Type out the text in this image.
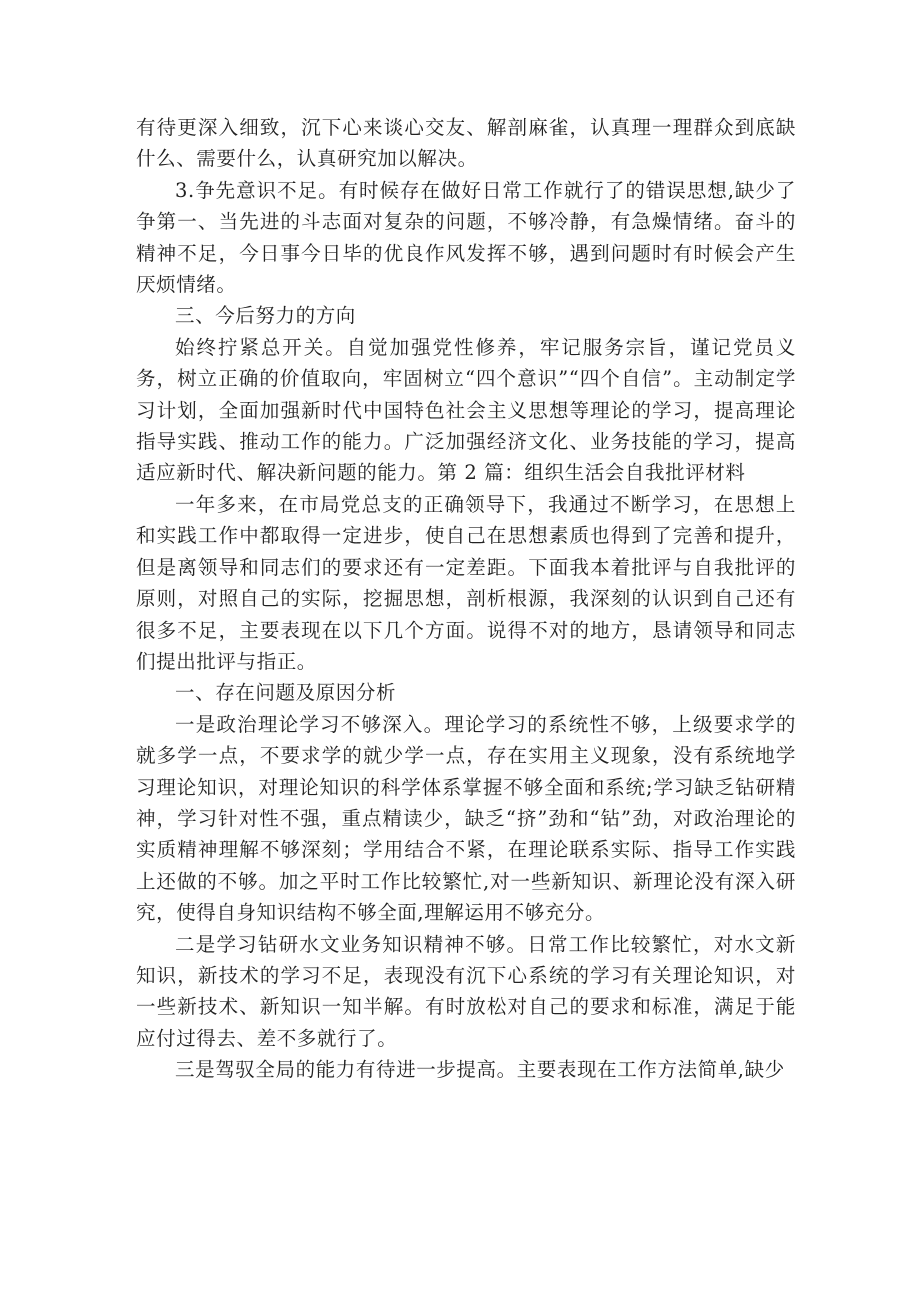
有待更深入细致，沉下心来谈心交友、解剖麻雀，认真理一理群众到底缺什么、需要什么，认真研究加以解决。

3.争先意识不足。有时候存在做好日常工作就行了的错误思想,缺少了争第一、当先进的斗志面对复杂的问题，不够冷静，有急燥情绪。奋斗的精神不足，今日事今日毕的优良作风发挥不够，遇到问题时有时候会产生厌烦情绪。

三、今后努力的方向

始终拧紧总开关。自觉加强党性修养，牢记服务宗旨，谨记党员义务，树立正确的价值取向，牢固树立“四个意识”“四个自信”。主动制定学习计划，全面加强新时代中国特色社会主义思想等理论的学习，提高理论指导实践、推动工作的能力。广泛加强经济文化、业务技能的学习，提高适应新时代、解决新问题的能力。第 2 篇：组织生活会自我批评材料

一年多来，在市局党总支的正确领导下，我通过不断学习，在思想上和实践工作中都取得一定进步，使自己在思想素质也得到了完善和提升，但是离领导和同志们的要求还有一定差距。下面我本着批评与自我批评的原则，对照自己的实际，挖掘思想，剖析根源，我深刻的认识到自己还有很多不足，主要表现在以下几个方面。说得不对的地方，恳请领导和同志们提出批评与指正。

一、存在问题及原因分析

一是政治理论学习不够深入。理论学习的系统性不够，上级要求学的就多学一点，不要求学的就少学一点，存在实用主义现象，没有系统地学习理论知识，对理论知识的科学体系掌握不够全面和系统;学习缺乏钻研精神，学习针对性不强，重点精读少，缺乏“挤”劲和“钻”劲，对政治理论的实质精神理解不够深刻；学用结合不紧，在理论联系实际、指导工作实践上还做的不够。加之平时工作比较繁忙,对一些新知识、新理论没有深入研究，使得自身知识结构不够全面,理解运用不够充分。

二是学习钻研水文业务知识精神不够。日常工作比较繁忙，对水文新知识，新技术的学习不足，表现没有沉下心系统的学习有关理论知识，对一些新技术、新知识一知半解。有时放松对自己的要求和标准，满足于能应付过得去、差不多就行了。

三是驾驭全局的能力有待进一步提高。主要表现在工作方法简单,缺少
